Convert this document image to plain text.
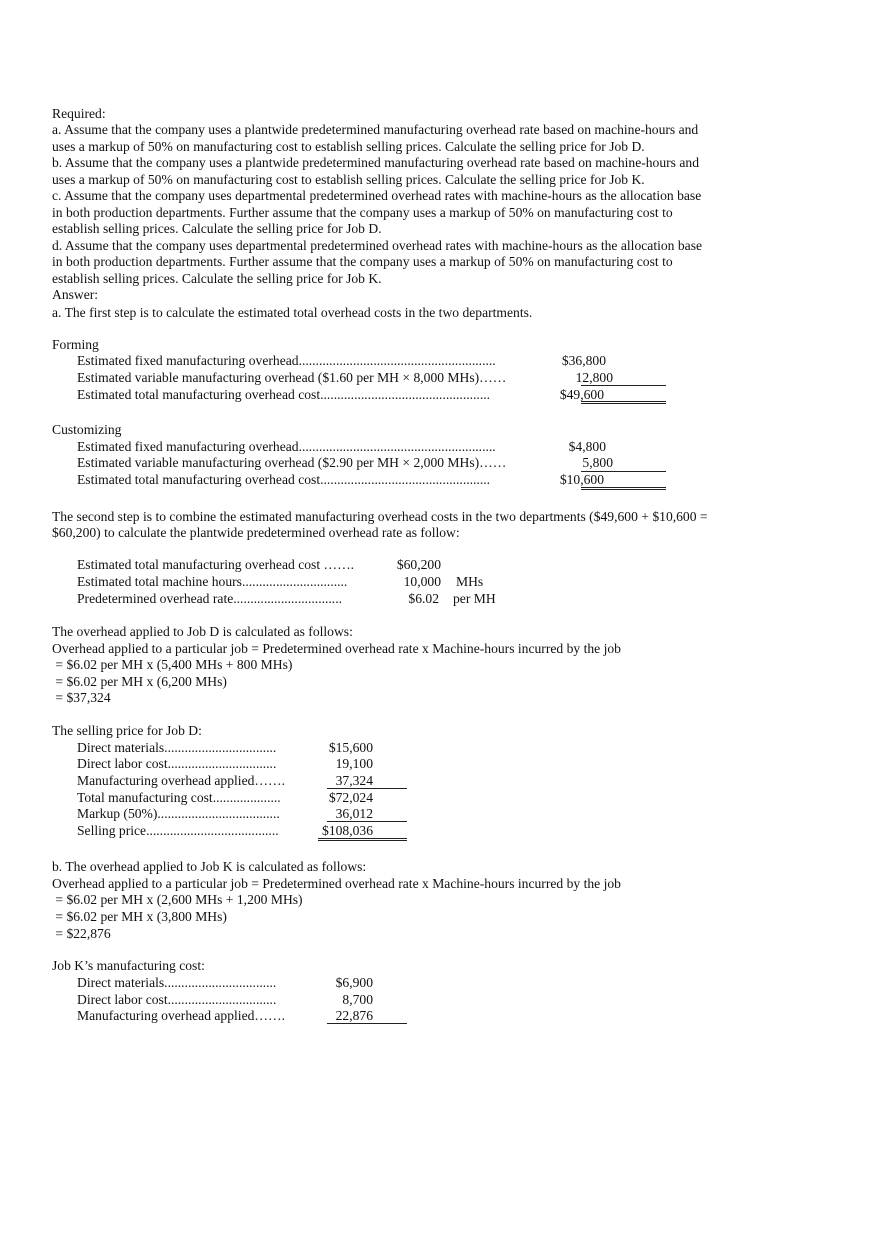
Required:
a. Assume that the company uses a plantwide predetermined manufacturing overhead rate based on machine-hours and
uses a markup of 50% on manufacturing cost to establish selling prices. Calculate the selling price for Job D.
b. Assume that the company uses a plantwide predetermined manufacturing overhead rate based on machine-hours and
uses a markup of 50% on manufacturing cost to establish selling prices. Calculate the selling price for Job K.
c. Assume that the company uses departmental predetermined overhead rates with machine-hours as the allocation base
in both production departments. Further assume that the company uses a markup of 50% on manufacturing cost to
establish selling prices. Calculate the selling price for Job D.
d. Assume that the company uses departmental predetermined overhead rates with machine-hours as the allocation base
in both production departments. Further assume that the company uses a markup of 50% on manufacturing cost to
establish selling prices. Calculate the selling price for Job K.
Answer:
a. The first step is to calculate the estimated total overhead costs in the two departments.
Forming
Estimated fixed manufacturing overhead..........................................................	$36,800
Estimated variable manufacturing overhead ($1.60 per MH × 8,000 MHs)……	12,800
Estimated total manufacturing overhead cost..................................................	$49,600
Customizing
Estimated fixed manufacturing overhead..........................................................	$4,800
Estimated variable manufacturing overhead ($2.90 per MH × 2,000 MHs)……	5,800
Estimated total manufacturing overhead cost..................................................	$10,600
The second step is to combine the estimated manufacturing overhead costs in the two departments ($49,600 + $10,600 =
$60,200) to calculate the plantwide predetermined overhead rate as follow:
Estimated total manufacturing overhead cost …….	$60,200
Estimated total machine hours...............................	10,000 MHs
Predetermined overhead rate................................	$6.02 per MH
The overhead applied to Job D is calculated as follows:
Overhead applied to a particular job = Predetermined overhead rate x Machine-hours incurred by the job
= $6.02 per MH x (5,400 MHs + 800 MHs)
= $6.02 per MH x (6,200 MHs)
= $37,324
The selling price for Job D:
Direct materials.................................	$15,600
Direct labor cost................................	19,100
Manufacturing overhead applied…….	37,324
Total manufacturing cost....................	$72,024
Markup (50%)....................................	36,012
Selling price.......................................	$108,036
b. The overhead applied to Job K is calculated as follows:
Overhead applied to a particular job = Predetermined overhead rate x Machine-hours incurred by the job
= $6.02 per MH x (2,600 MHs + 1,200 MHs)
= $6.02 per MH x (3,800 MHs)
= $22,876
Job K’s manufacturing cost:
Direct materials.................................	$6,900
Direct labor cost................................	8,700
Manufacturing overhead applied…….	22,876
